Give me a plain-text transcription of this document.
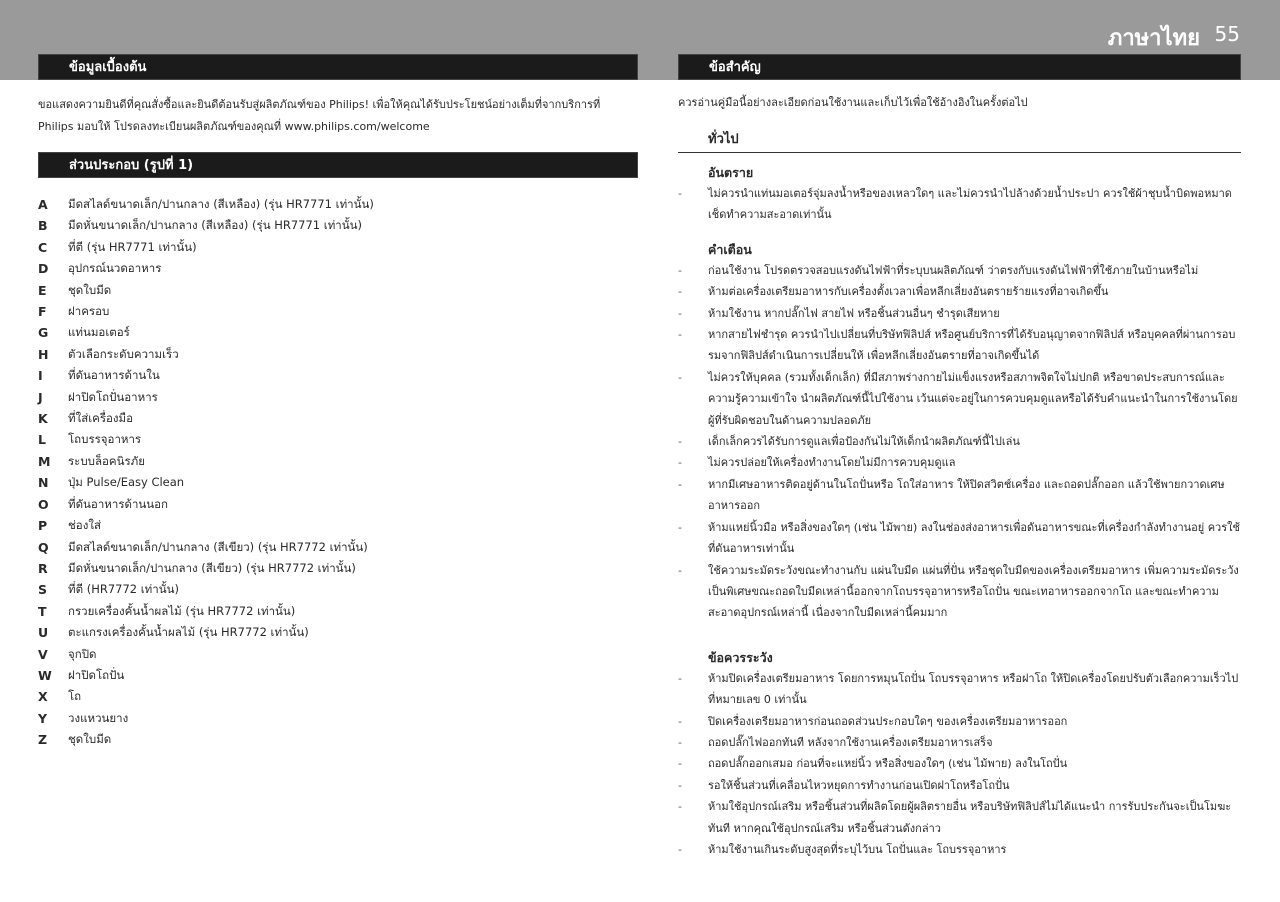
ภาษาไทย 55
ข้อมูลเบื้องต้น

ขอแสดงความยินดีที่คุณสั่งซื้อและยินดีต้อนรับสู่ผลิตภัณฑ์ของ Philips! เพื่อให้คุณได้รับประโยชน์อย่างเต็มที่จากบริการที่ Philips มอบให้ โปรดลงทะเบียนผลิตภัณฑ์ของคุณที่ www.philips.com/welcome

ส่วนประกอบ (รูปที่ 1)
A	มีดสไลด์ขนาดเล็ก/ปานกลาง (สีเหลือง) (รุ่น HR7771 เท่านั้น)
B	มีดหั่นขนาดเล็ก/ปานกลาง (สีเหลือง) (รุ่น HR7771 เท่านั้น)
C	ที่ตี (รุ่น HR7771 เท่านั้น)
D	อุปกรณ์นวดอาหาร
E	ชุดใบมีด
F	ฝาครอบ
G	แท่นมอเตอร์
H	ตัวเลือกระดับความเร็ว
I	ที่ดันอาหารด้านใน
J	ฝาปิดโถปั่นอาหาร
K	ที่ใส่เครื่องมือ
L	โถบรรจุอาหาร
M	ระบบล็อคนิรภัย
N	ปุ่ม Pulse/Easy Clean
O	ที่ดันอาหารด้านนอก
P	ช่องใส่
Q	มีดสไลด์ขนาดเล็ก/ปานกลาง (สีเขียว) (รุ่น HR7772 เท่านั้น)
R	มีดหั่นขนาดเล็ก/ปานกลาง (สีเขียว) (รุ่น HR7772 เท่านั้น)
S	ที่ตี (HR7772 เท่านั้น)
T	กรวยเครื่องคั้นน้ำผลไม้ (รุ่น HR7772 เท่านั้น)
U	ตะแกรงเครื่องคั้นน้ำผลไม้ (รุ่น HR7772 เท่านั้น)
V	จุกปิด
W	ฝาปิดโถปั่น
X	โถ
Y	วงแหวนยาง
Z	ชุดใบมีด
ข้อสำคัญ

ควรอ่านคู่มือนี้อย่างละเอียดก่อนใช้งานและเก็บไว้เพื่อใช้อ้างอิงในครั้งต่อไป

ทั่วไป
อันตราย
-	ไม่ควรนำแท่นมอเตอร์จุ่มลงน้ำหรือของเหลวใดๆ และไม่ควรนำไปล้างด้วยน้ำประปา ควรใช้ผ้าชุบน้ำบิดพอหมาดเช็ดทำความสะอาดเท่านั้น
คำเตือน
-	ก่อนใช้งาน โปรดตรวจสอบแรงดันไฟฟ้าที่ระบุบนผลิตภัณฑ์ ว่าตรงกับแรงดันไฟฟ้าที่ใช้ภายในบ้านหรือไม่
-	ห้ามต่อเครื่องเตรียมอาหารกับเครื่องตั้งเวลาเพื่อหลีกเลี่ยงอันตรายร้ายแรงที่อาจเกิดขึ้น
-	ห้ามใช้งาน หากปลั๊กไฟ สายไฟ หรือชิ้นส่วนอื่นๆ ชำรุดเสียหาย
-	หากสายไฟชำรุด ควรนำไปเปลี่ยนที่บริษัทฟิลิปส์ หรือศูนย์บริการที่ได้รับอนุญาตจากฟิลิปส์ หรือบุคคลที่ผ่านการอบรมจากฟิลิปส์ดำเนินการเปลี่ยนให้ เพื่อหลีกเลี่ยงอันตรายที่อาจเกิดขึ้นได้
-	ไม่ควรให้บุคคล (รวมทั้งเด็กเล็ก) ที่มีสภาพร่างกายไม่แข็งแรงหรือสภาพจิตใจไม่ปกติ หรือขาดประสบการณ์และความรู้ความเข้าใจ นำผลิตภัณฑ์นี้ไปใช้งาน เว้นแต่จะอยู่ในการควบคุมดูแลหรือได้รับคำแนะนำในการใช้งานโดยผู้ที่รับผิดชอบในด้านความปลอดภัย
-	เด็กเล็กควรได้รับการดูแลเพื่อป้องกันไม่ให้เด็กนำผลิตภัณฑ์นี้ไปเล่น
-	ไม่ควรปล่อยให้เครื่องทำงานโดยไม่มีการควบคุมดูแล
-	หากมีเศษอาหารติดอยู่ด้านในโถปั่นหรือ โถใส่อาหาร ให้ปิดสวิตช์เครื่อง และถอดปลั๊กออก แล้วใช้พายกวาดเศษอาหารออก
-	ห้ามแหย่นิ้วมือ หรือสิ่งของใดๆ (เช่น ไม้พาย) ลงในช่องส่งอาหารเพื่อดันอาหารขณะที่เครื่องกำลังทำงานอยู่ ควรใช้ที่ดันอาหารเท่านั้น
-	ใช้ความระมัดระวังขณะทำงานกับ แผ่นใบมีด แผ่นที่ปั่น หรือชุดใบมีดของเครื่องเตรียมอาหาร เพิ่มความระมัดระวังเป็นพิเศษขณะถอดใบมีดเหล่านี้ออกจากโถบรรจุอาหารหรือโถปั่น ขณะเทอาหารออกจากโถ และขณะทำความสะอาดอุปกรณ์เหล่านี้ เนื่องจากใบมีดเหล่านี้คมมาก
ข้อควรระวัง
-	ห้ามปิดเครื่องเตรียมอาหาร โดยการหมุนโถปั่น โถบรรจุอาหาร หรือฝาโถ ให้ปิดเครื่องโดยปรับตัวเลือกความเร็วไปที่หมายเลข 0 เท่านั้น
-	ปิดเครื่องเตรียมอาหารก่อนถอดส่วนประกอบใดๆ ของเครื่องเตรียมอาหารออก
-	ถอดปลั๊กไฟออกทันที หลังจากใช้งานเครื่องเตรียมอาหารเสร็จ
-	ถอดปลั๊กออกเสมอ ก่อนที่จะแหย่นิ้ว หรือสิ่งของใดๆ (เช่น ไม้พาย) ลงในโถปั่น
-	รอให้ชิ้นส่วนที่เคลื่อนไหวหยุดการทำงานก่อนเปิดฝาโถหรือโถปั่น
-	ห้ามใช้อุปกรณ์เสริม หรือชิ้นส่วนที่ผลิตโดยผู้ผลิตรายอื่น หรือบริษัทฟิลิปส์ไม่ได้แนะนำ การรับประกันจะเป็นโมฆะทันที หากคุณใช้อุปกรณ์เสริม หรือชิ้นส่วนดังกล่าว
-	ห้ามใช้งานเกินระดับสูงสุดที่ระบุไว้บน โถปั่นและ โถบรรจุอาหาร
